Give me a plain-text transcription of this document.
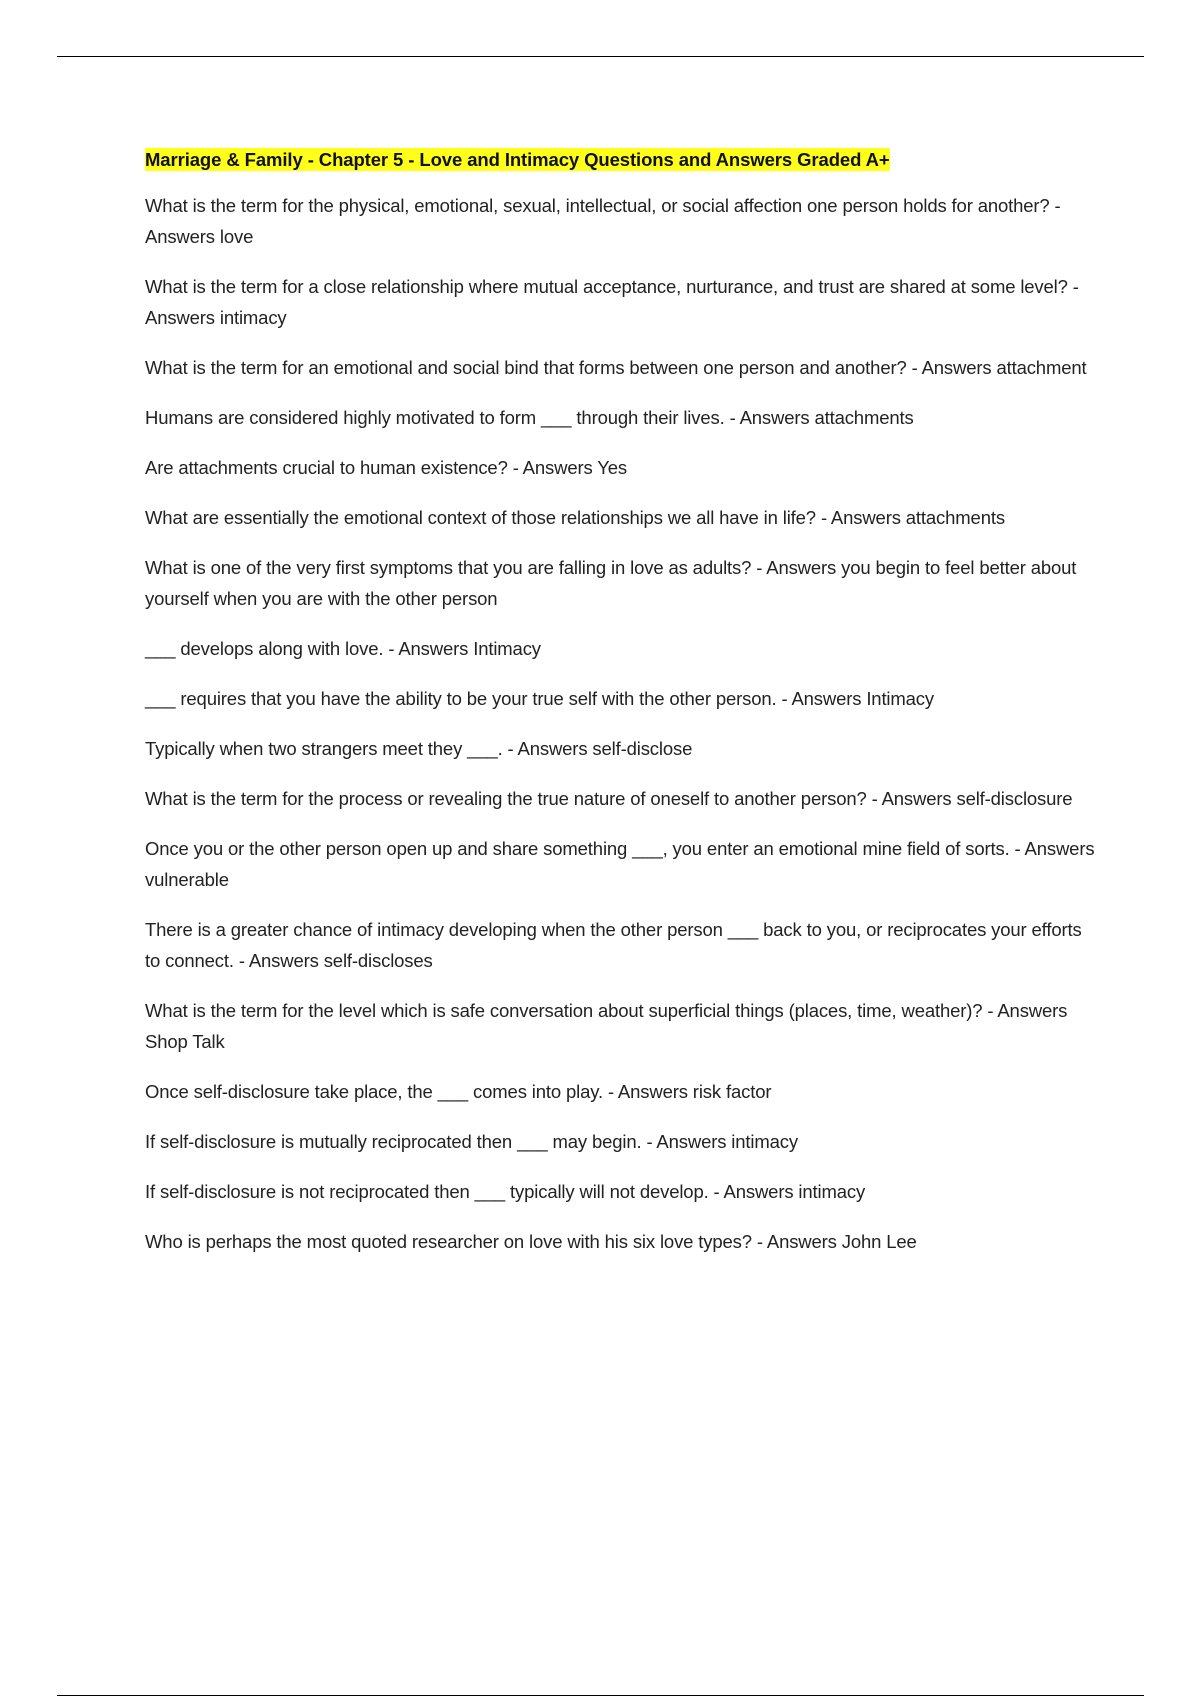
Marriage & Family - Chapter 5 - Love and Intimacy Questions and Answers Graded A+

What is the term for the physical, emotional, sexual, intellectual, or social affection one person holds for another? - Answers love

What is the term for a close relationship where mutual acceptance, nurturance, and trust are shared at some level? - Answers intimacy

What is the term for an emotional and social bind that forms between one person and another? - Answers attachment

Humans are considered highly motivated to form ___ through their lives. - Answers attachments

Are attachments crucial to human existence? - Answers Yes

What are essentially the emotional context of those relationships we all have in life? - Answers attachments

What is one of the very first symptoms that you are falling in love as adults? - Answers you begin to feel better about yourself when you are with the other person

___ develops along with love. - Answers Intimacy

___ requires that you have the ability to be your true self with the other person. - Answers Intimacy

Typically when two strangers meet they ___. - Answers self-disclose

What is the term for the process or revealing the true nature of oneself to another person? - Answers self-disclosure

Once you or the other person open up and share something ___, you enter an emotional mine field of sorts. - Answers vulnerable

There is a greater chance of intimacy developing when the other person ___ back to you, or reciprocates your efforts to connect. - Answers self-discloses

What is the term for the level which is safe conversation about superficial things (places, time, weather)? - Answers Shop Talk

Once self-disclosure take place, the ___ comes into play. - Answers risk factor

If self-disclosure is mutually reciprocated then ___ may begin. - Answers intimacy

If self-disclosure is not reciprocated then ___ typically will not develop. - Answers intimacy

Who is perhaps the most quoted researcher on love with his six love types? - Answers John Lee
